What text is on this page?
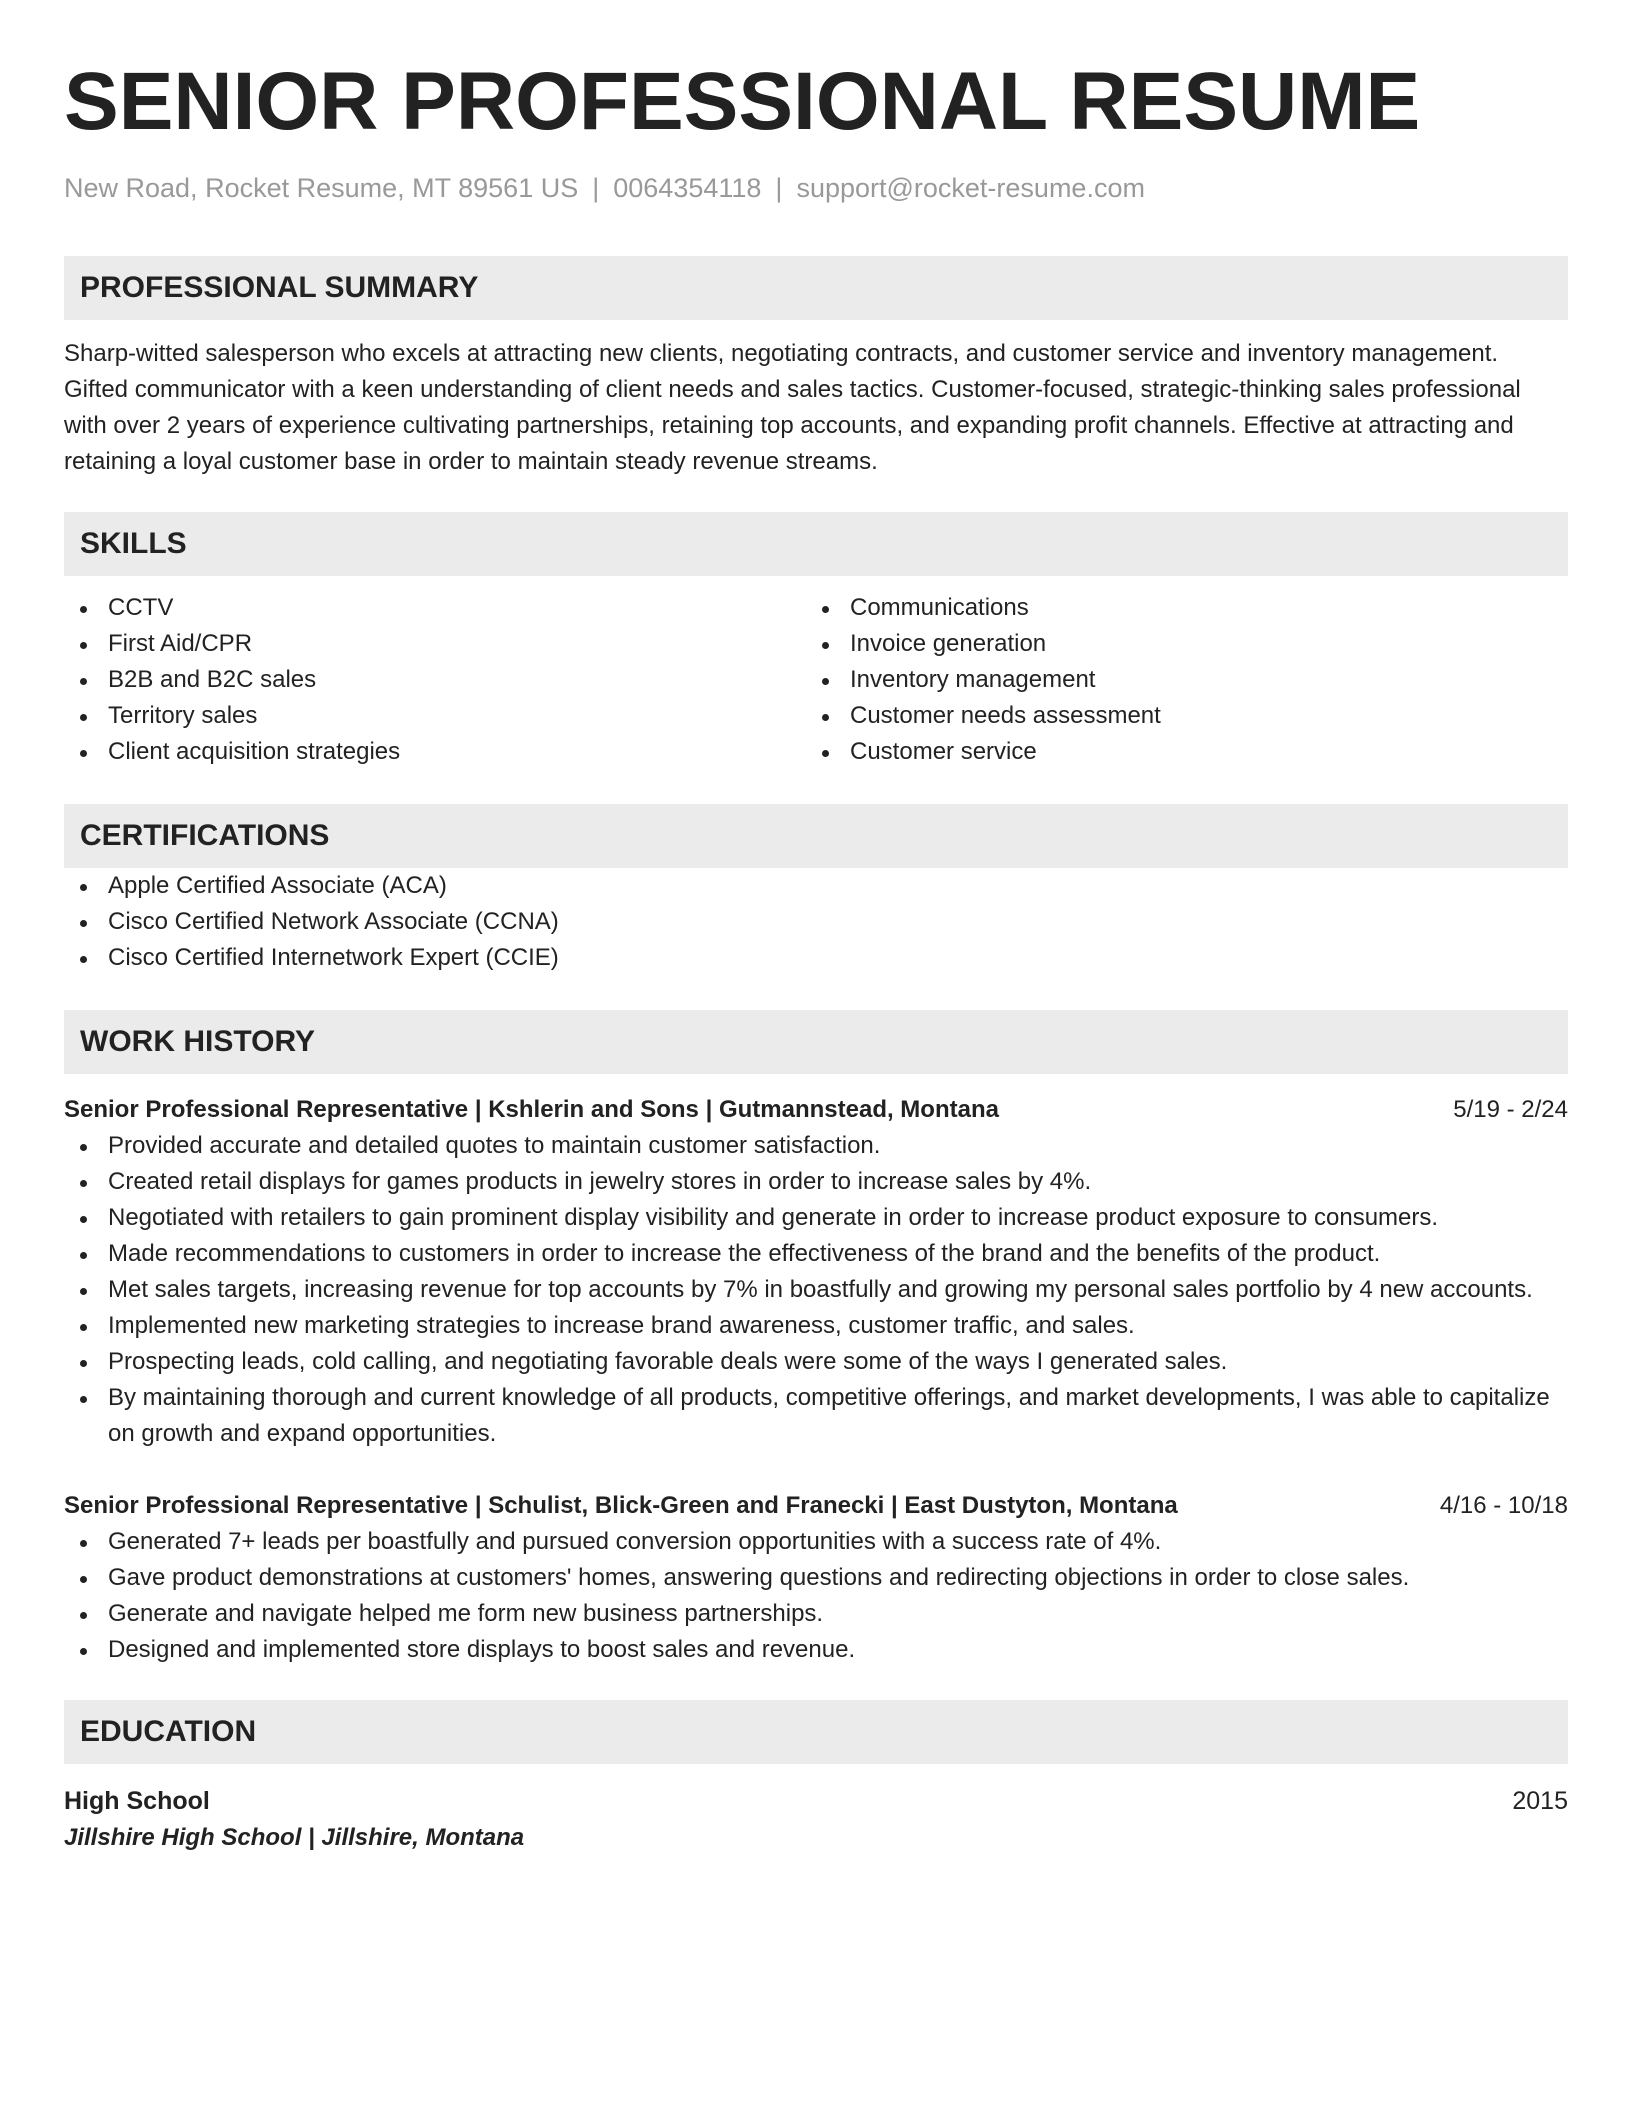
SENIOR PROFESSIONAL RESUME
New Road, Rocket Resume, MT 89561 US | 0064354118 | support@rocket-resume.com
PROFESSIONAL SUMMARY
Sharp-witted salesperson who excels at attracting new clients, negotiating contracts, and customer service and inventory management. Gifted communicator with a keen understanding of client needs and sales tactics. Customer-focused, strategic-thinking sales professional with over 2 years of experience cultivating partnerships, retaining top accounts, and expanding profit channels. Effective at attracting and retaining a loyal customer base in order to maintain steady revenue streams.
SKILLS
CCTV
First Aid/CPR
B2B and B2C sales
Territory sales
Client acquisition strategies
Communications
Invoice generation
Inventory management
Customer needs assessment
Customer service
CERTIFICATIONS
Apple Certified Associate (ACA)
Cisco Certified Network Associate (CCNA)
Cisco Certified Internetwork Expert (CCIE)
WORK HISTORY
Senior Professional Representative | Kshlerin and Sons | Gutmannstead, Montana	5/19 - 2/24
Provided accurate and detailed quotes to maintain customer satisfaction.
Created retail displays for games products in jewelry stores in order to increase sales by 4%.
Negotiated with retailers to gain prominent display visibility and generate in order to increase product exposure to consumers.
Made recommendations to customers in order to increase the effectiveness of the brand and the benefits of the product.
Met sales targets, increasing revenue for top accounts by 7% in boastfully and growing my personal sales portfolio by 4 new accounts.
Implemented new marketing strategies to increase brand awareness, customer traffic, and sales.
Prospecting leads, cold calling, and negotiating favorable deals were some of the ways I generated sales.
By maintaining thorough and current knowledge of all products, competitive offerings, and market developments, I was able to capitalize on growth and expand opportunities.
Senior Professional Representative | Schulist, Blick-Green and Franecki | East Dustyton, Montana	4/16 - 10/18
Generated 7+ leads per boastfully and pursued conversion opportunities with a success rate of 4%.
Gave product demonstrations at customers' homes, answering questions and redirecting objections in order to close sales.
Generate and navigate helped me form new business partnerships.
Designed and implemented store displays to boost sales and revenue.
EDUCATION
High School	2015
Jillshire High School | Jillshire, Montana
